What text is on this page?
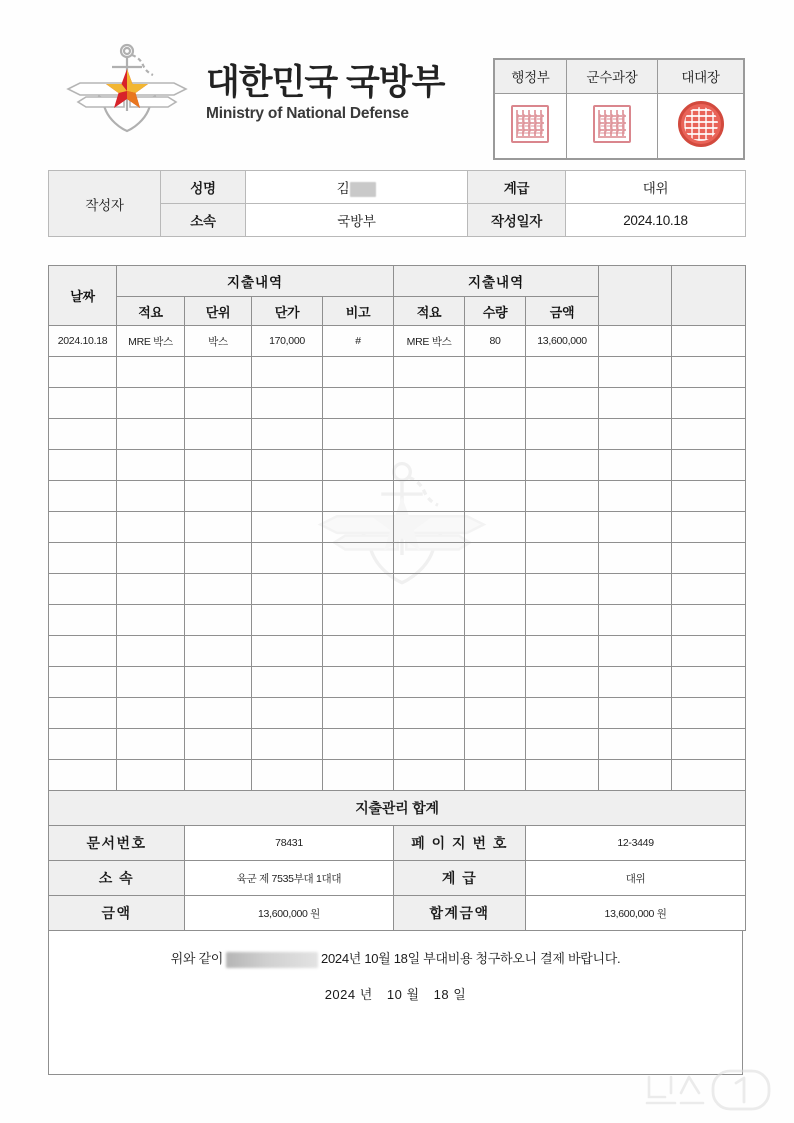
대한민국 국방부
Ministry of National Defense
행정부	군수과장	대대장

작성자	성명	김	계급	대위
	소속	국방부	작성일자	2024.10.18
날짜	지출내역				지출내역				
	적요	단위	단가	비고	적요	수량	금액		
2024.10.18	MRE 박스	박스	170,000	#	MRE 박스	80	13,600,000		

지출관리 합계									
문서번호		78431			페 이 지 번 호		12-3449		
소 속		육군 제 7535부대 1대대			계 급		대위		
금액		13,600,000 원			합계금액		13,600,000 원		
위와 같이	2024년 10월 18일 부대비용 청구하오니 결제 바랍니다.
2024 년 10 월 18 일
